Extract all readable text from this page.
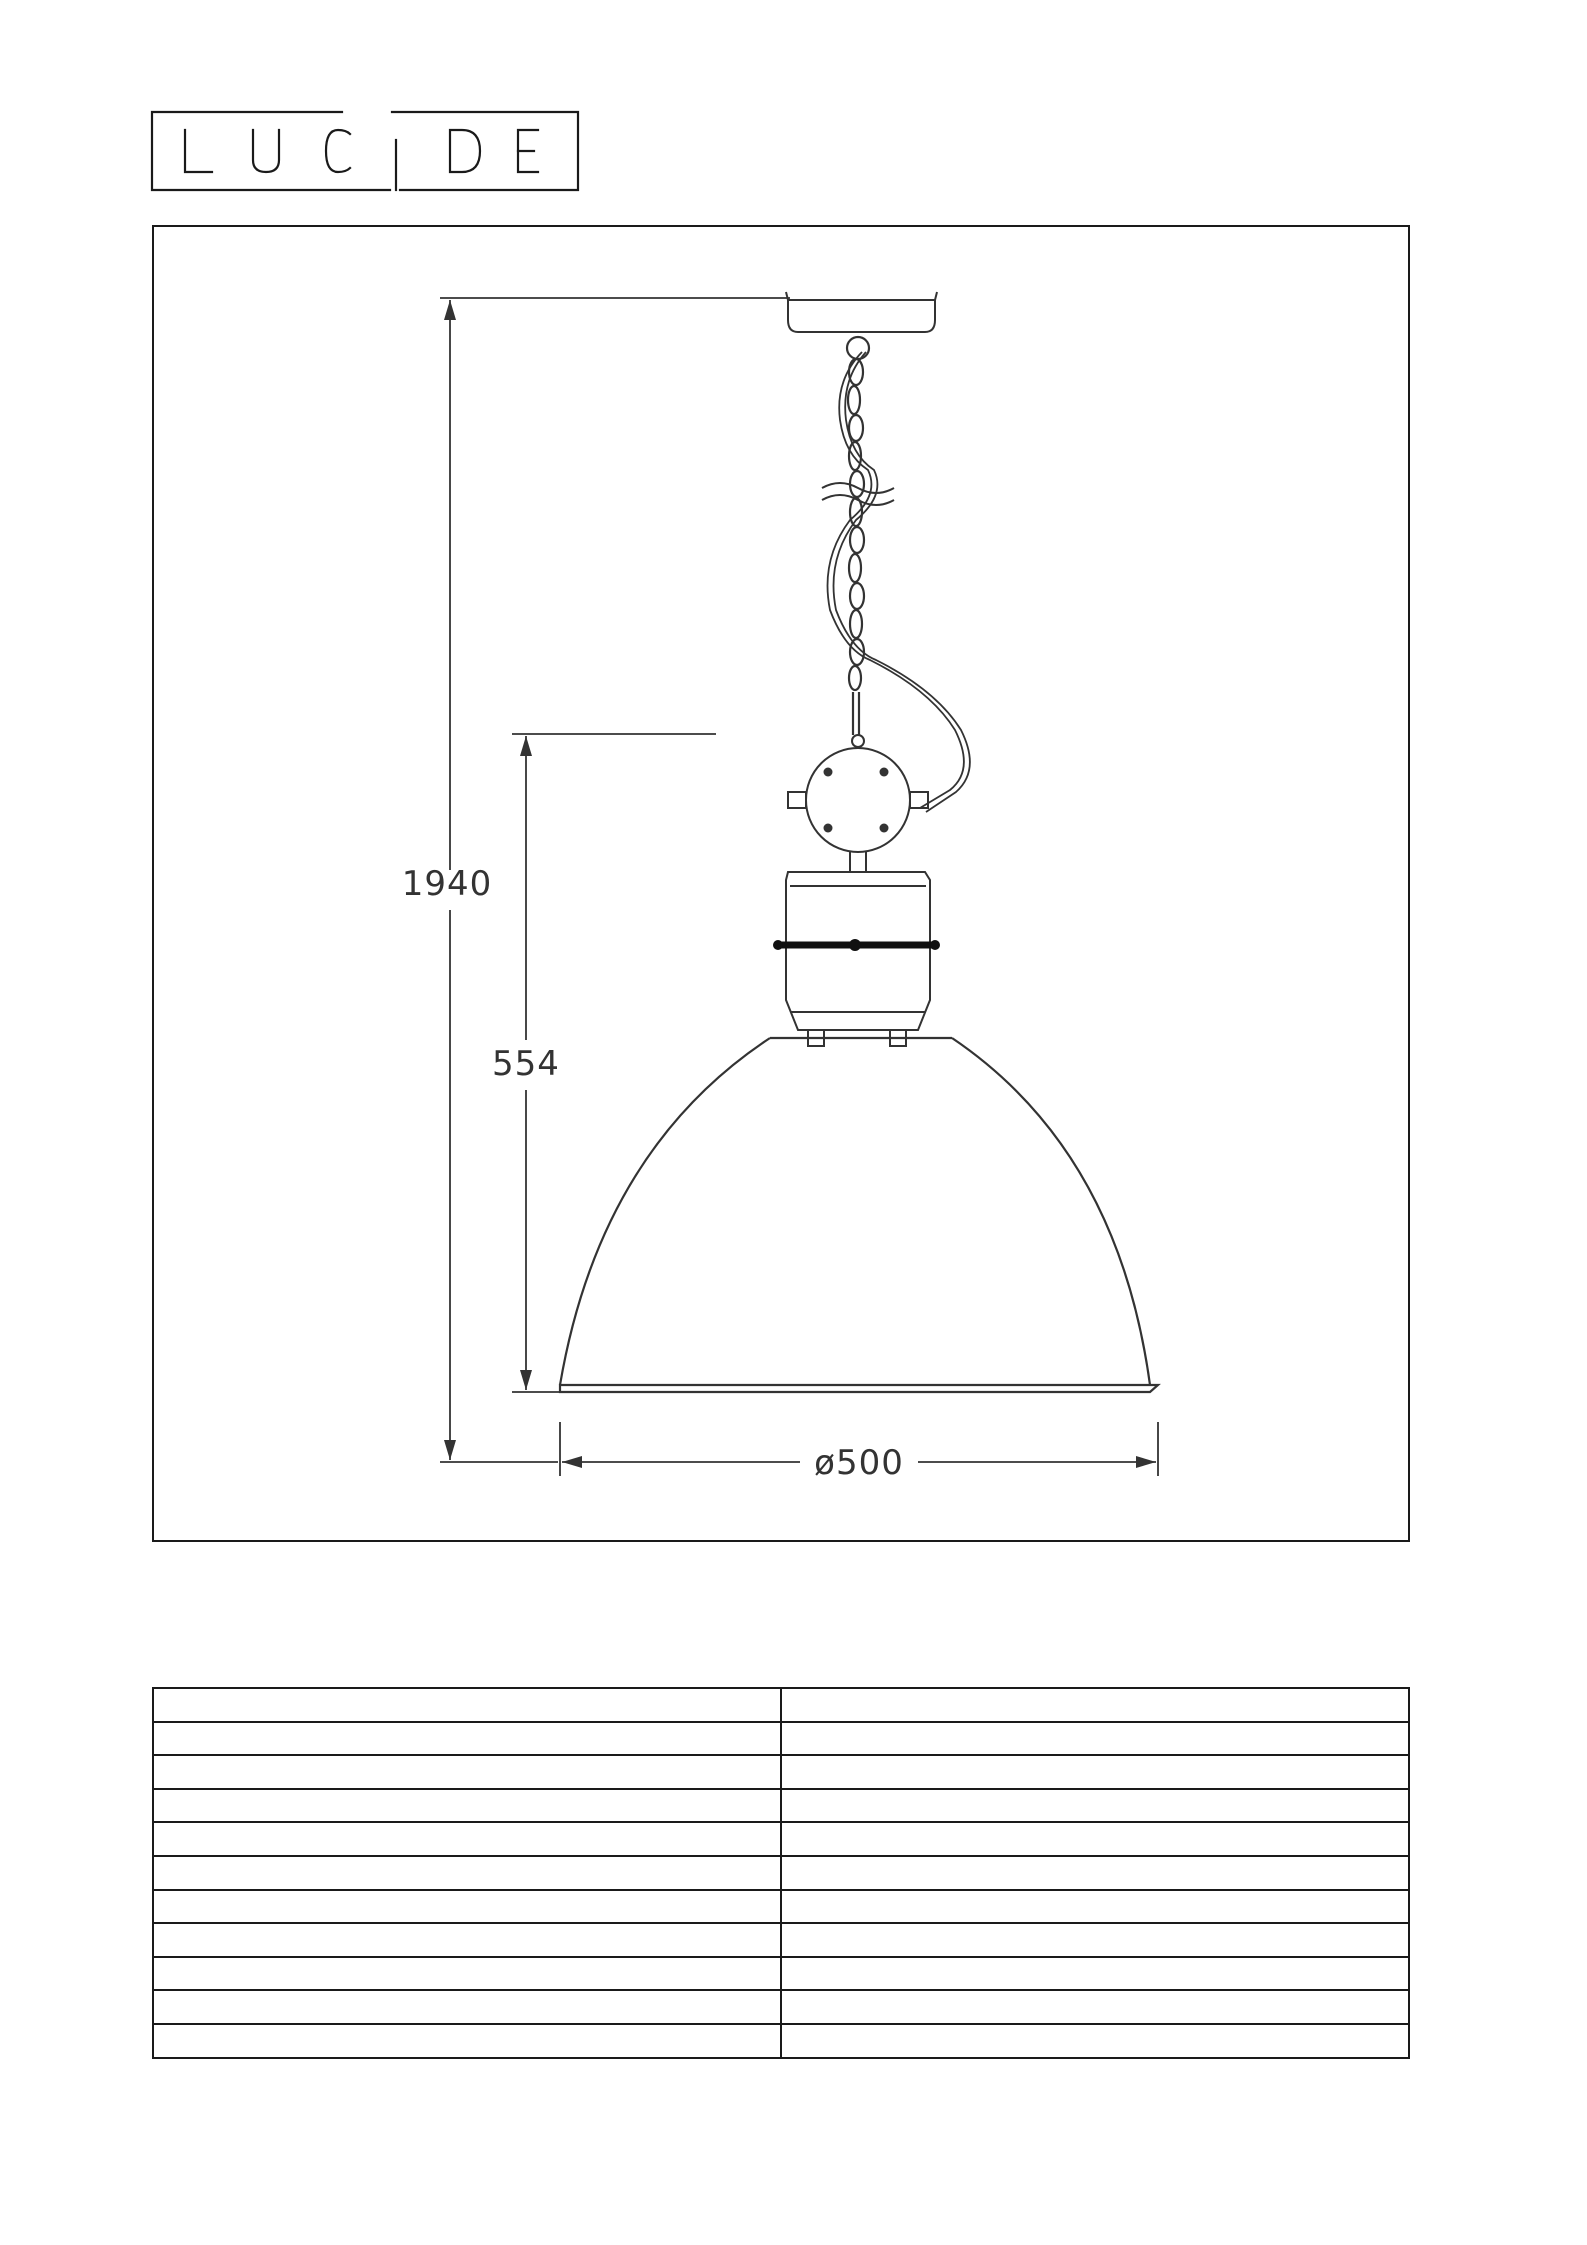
1940
554
ø500
